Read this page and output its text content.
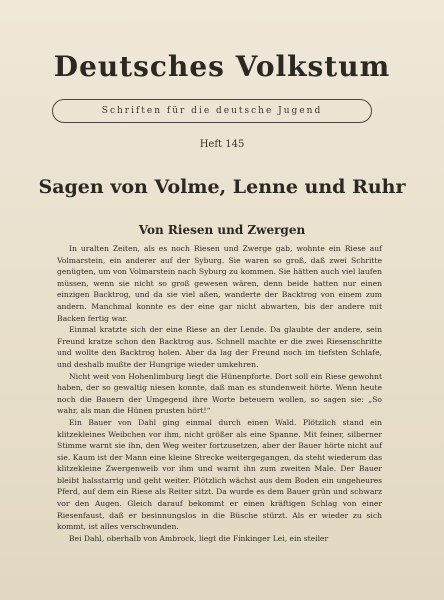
Deutsches Volkstum
Schriften für die deutsche Jugend
Heft 145
Sagen von Volme, Lenne und Ruhr
Von Riesen und Zwergen

In uralten Zeiten, als es noch Riesen und Zwerge gab, wohnte ein Riese auf Volmarstein, ein anderer auf der Syburg. Sie waren so groß, daß zwei Schritte genügten, um von Volmarstein nach Syburg zu kommen. Sie hätten auch viel laufen müssen, wenn sie nicht so groß gewesen wären, denn beide hatten nur einen einzigen Backtrog, und da sie viel aßen, wanderte der Backtrog von einem zum andern. Manchmal konnte es der eine gar nicht abwarten, bis der andere mit Backen fertig war.

Einmal kratzte sich der eine Riese an der Lende. Da glaubte der andere, sein Freund kratze schon den Backtrog aus. Schnell machte er die zwei Riesenschritte und wollte den Backtrog holen. Aber da lag der Freund noch im tiefsten Schlafe, und deshalb mußte der Hungrige wieder umkehren.

Nicht weit von Hohenlimburg liegt die Hünenpforte. Dort soll ein Riese gewohnt haben, der so gewaltig niesen konnte, daß man es stundenweit hörte. Wenn heute noch die Bauern der Umgegend ihre Worte beteuern wollen, so sagen sie: „So wahr, als man die Hünen prusten hört!“

Ein Bauer von Dahl ging einmal durch einen Wald. Plötzlich stand ein klitzekleines Weibchen vor ihm, nicht größer als eine Spanne. Mit feiner, silberner Stimme warnt sie ihn, den Weg weiter fortzusetzen, aber der Bauer hörte nicht auf sie. Kaum ist der Mann eine kleine Strecke weitergegangen, da steht wiederum das klitzekleine Zwergenweib vor ihm und warnt ihn zum zweiten Male. Der Bauer bleibt halsstarrig und geht weiter. Plötzlich wächst aus dem Boden ein ungeheures Pferd, auf dem ein Riese als Reiter sitzt. Da wurde es dem Bauer grün und schwarz vor den Augen. Gleich darauf bekommt er einen kräftigen Schlag von einer Riesenfaust, daß er besinnungslos in die Büsche stürzt. Als er wieder zu sich kommt, ist alles verschwunden.

Bei Dahl, oberhalb von Ambrock, liegt die Finkinger Lei, ein steiler
